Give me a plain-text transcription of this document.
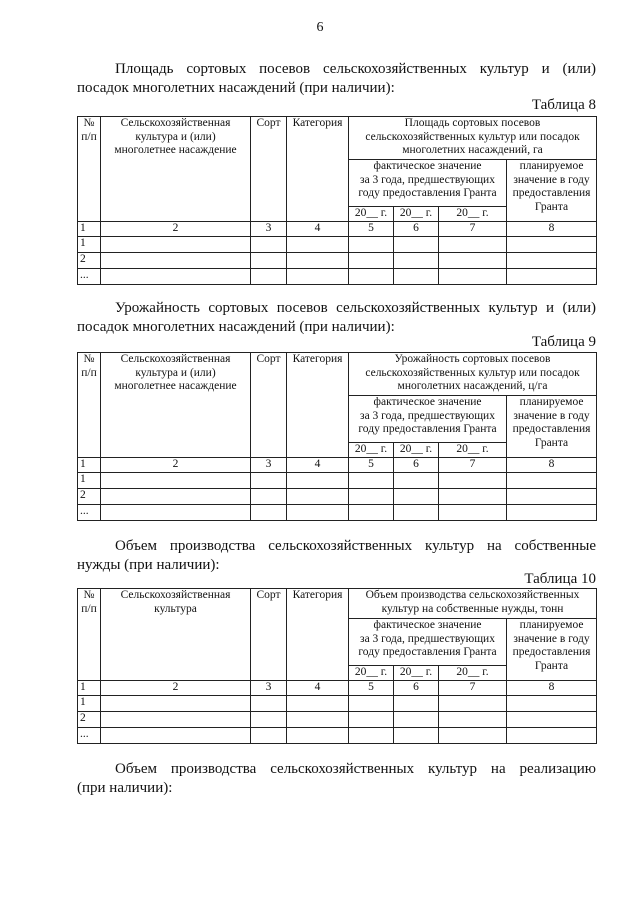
6
Площадь сортовых посевов сельскохозяйственных культур и (или)
посадок многолетних насаждений (при наличии):
Таблица 8
№
п/п	Сельскохозяйственная
культура и (или)
многолетнее насаждение	Сорт	Категория	Площадь сортовых посевов
сельскохозяйственных культур или посадок
многолетних насаждений, га			

				фактическое значение
за 3 года, предшествующих
году предоставления Гранта			планируемое
значение в году
предоставления
Гранта

				20__ г.	20__ г.	20__ г.	
1	2	3	4	5	6	7	8
1							
2							
...							
Урожайность сортовых посевов сельскохозяйственных культур и (или)
посадок многолетних насаждений (при наличии):
Таблица 9
№
п/п	Сельскохозяйственная
культура и (или)
многолетнее насаждение	Сорт	Категория	Урожайность сортовых посевов
сельскохозяйственных культур или посадок
многолетних насаждений, ц/га			

				фактическое значение
за 3 года, предшествующих
году предоставления Гранта			планируемое
значение в году
предоставления
Гранта

				20__ г.	20__ г.	20__ г.	
1	2	3	4	5	6	7	8
1							
2							
...							
Объем производства сельскохозяйственных культур на собственные
нужды (при наличии):
Таблица 10
№
п/п	Сельскохозяйственная
культура	Сорт	Категория	Объем производства сельскохозяйственных
культур на собственные нужды, тонн			

				фактическое значение
за 3 года, предшествующих
году предоставления Гранта			планируемое
значение в году
предоставления
Гранта

				20__ г.	20__ г.	20__ г.	
1	2	3	4	5	6	7	8
1							
2							
...							
Объем производства сельскохозяйственных культур на реализацию
(при наличии):
